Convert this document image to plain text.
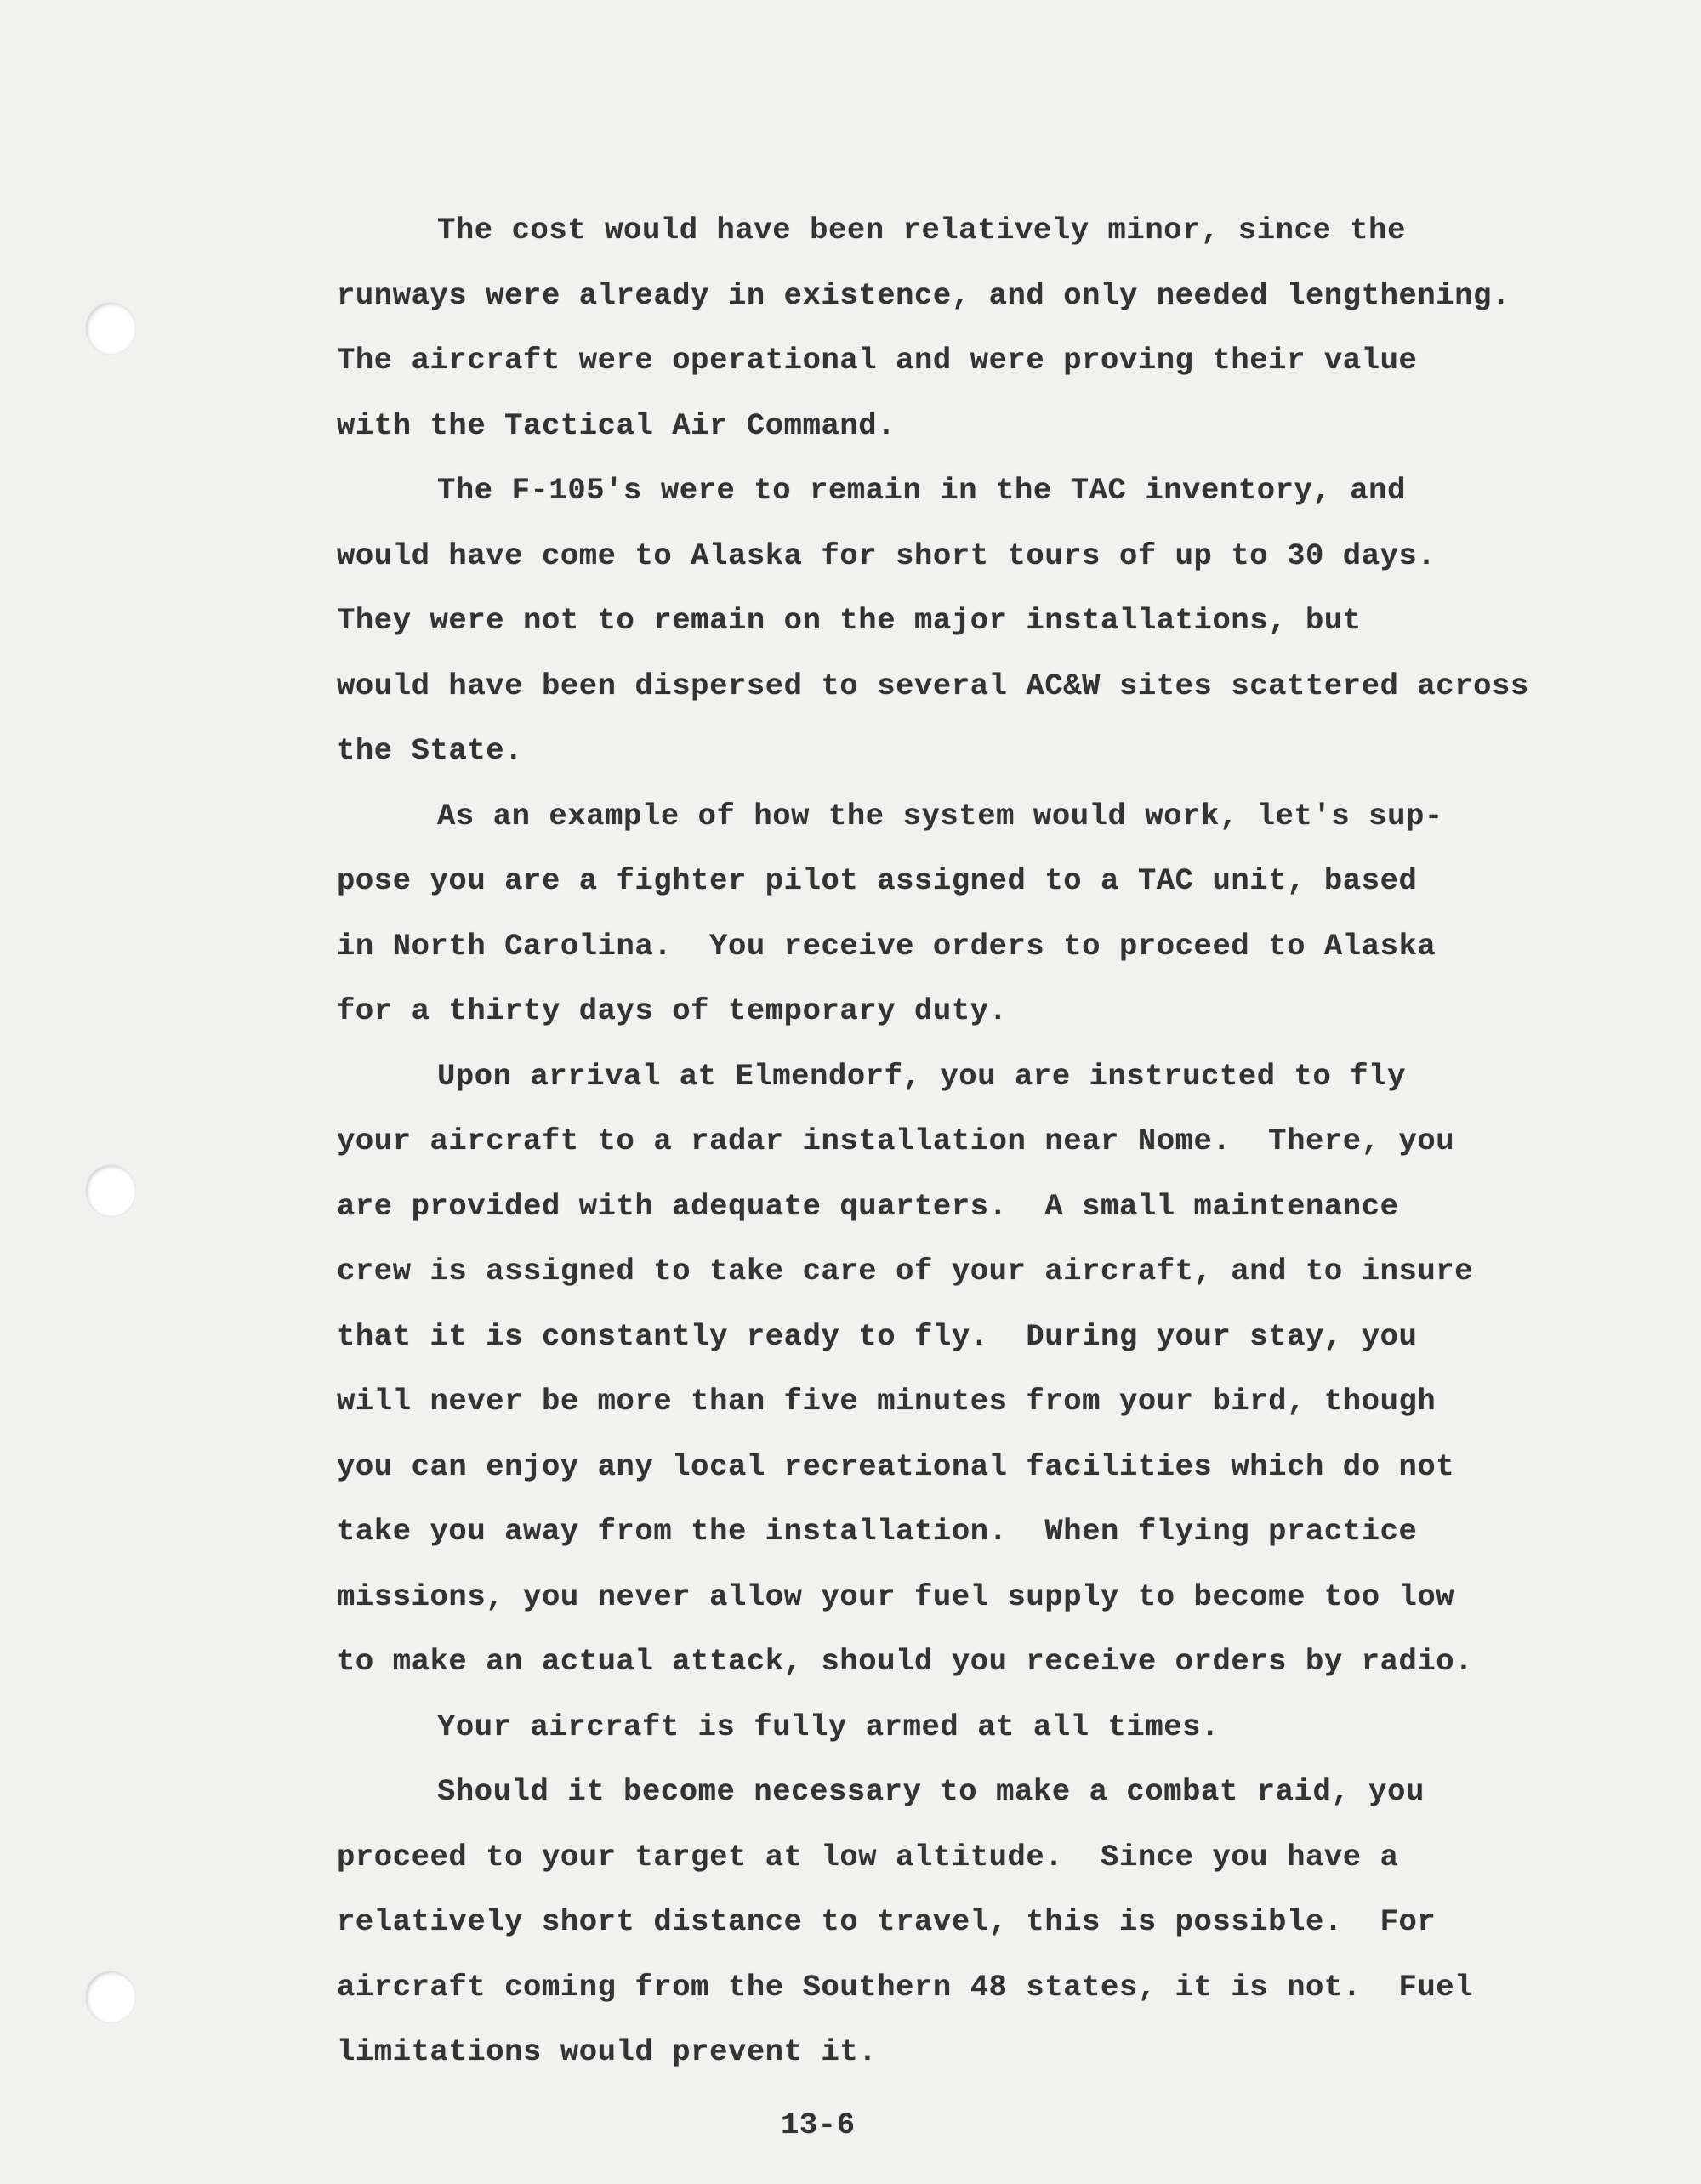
The cost would have been relatively minor, since the
runways were already in existence, and only needed lengthening.
The aircraft were operational and were proving their value
with the Tactical Air Command.
The F-105's were to remain in the TAC inventory, and
would have come to Alaska for short tours of up to 30 days.
They were not to remain on the major installations, but
would have been dispersed to several AC&W sites scattered across
the State.
As an example of how the system would work, let's sup-
pose you are a fighter pilot assigned to a TAC unit, based
in North Carolina.  You receive orders to proceed to Alaska
for a thirty days of temporary duty.
Upon arrival at Elmendorf, you are instructed to fly
your aircraft to a radar installation near Nome.  There, you
are provided with adequate quarters.  A small maintenance
crew is assigned to take care of your aircraft, and to insure
that it is constantly ready to fly.  During your stay, you
will never be more than five minutes from your bird, though
you can enjoy any local recreational facilities which do not
take you away from the installation.  When flying practice
missions, you never allow your fuel supply to become too low
to make an actual attack, should you receive orders by radio.
Your aircraft is fully armed at all times.
Should it become necessary to make a combat raid, you
proceed to your target at low altitude.  Since you have a
relatively short distance to travel, this is possible.  For
aircraft coming from the Southern 48 states, it is not.  Fuel
limitations would prevent it.
13-6
